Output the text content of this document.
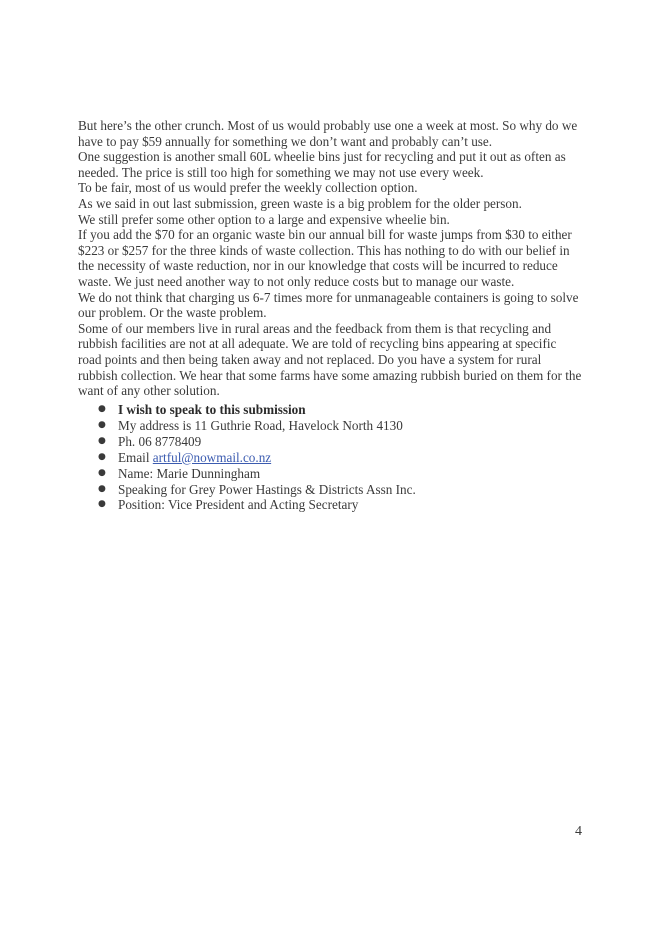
But here’s the other crunch. Most of us would probably use one a week at most. So why do we have to pay $59 annually for something we don’t want and probably can’t use.

One suggestion is another small 60L wheelie bins just for recycling and put it out as often as needed. The price is still too high for something we may not use every week.

To be fair, most of us would prefer the weekly collection option.

As we said in out last submission, green waste is a big problem for the older person.

We still prefer some other option to a large and expensive wheelie bin.

If you add the $70 for an organic waste bin our annual bill for waste jumps from $30 to either $223 or $257 for the three kinds of waste collection. This has nothing to do with our belief in the necessity of waste reduction, nor in our knowledge that costs will be incurred to reduce waste. We just need another way to not only reduce costs but to manage our waste.

We do not think that charging us 6-7 times more for unmanageable containers is going to solve our problem. Or the waste problem.

Some of our members live in rural areas and the feedback from them is that recycling and rubbish facilities are not at all adequate. We are told of recycling bins appearing at specific road points and then being taken away and not replaced. Do you have a system for rural rubbish collection. We hear that some farms have some amazing rubbish buried on them for the want of any other solution.

● I wish to speak to this submission
● My address is 11 Guthrie Road, Havelock North 4130
● Ph. 06 8778409
● Email artful@nowmail.co.nz
● Name: Marie Dunningham
● Speaking for Grey Power Hastings & Districts Assn Inc.
● Position: Vice President and Acting Secretary
4
